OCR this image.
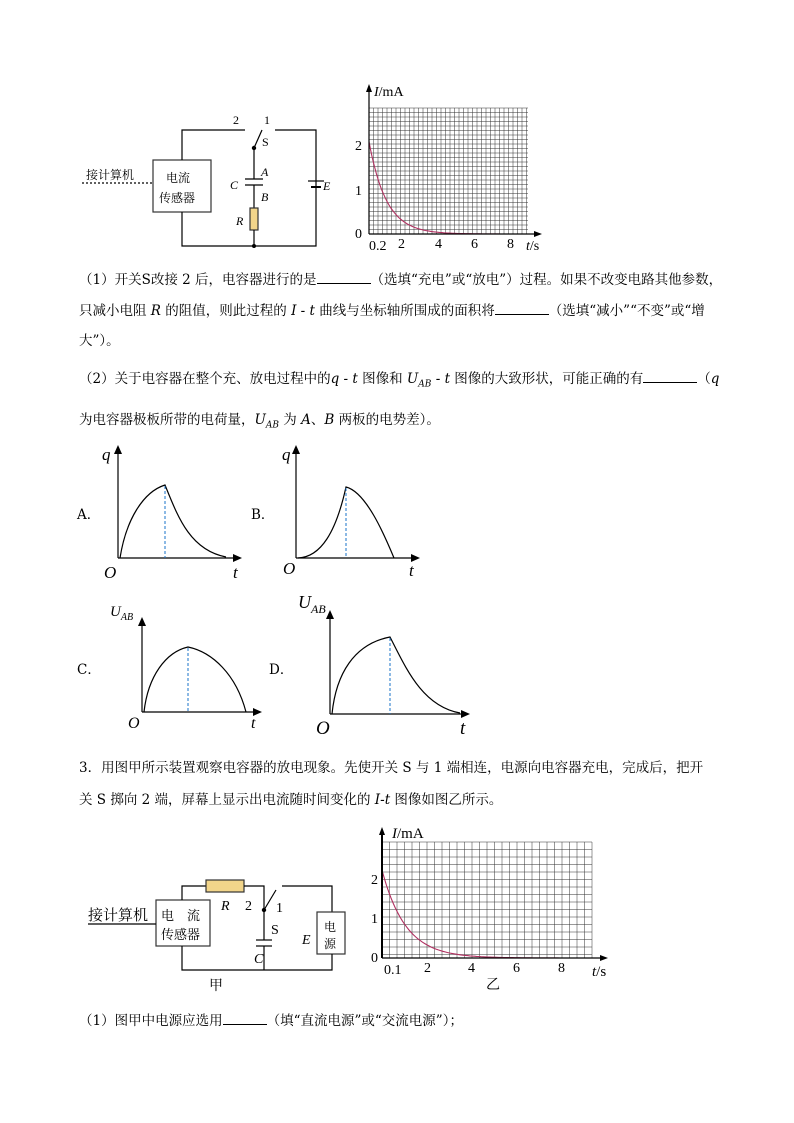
接计算机	电流
传感器
2 1
S
C
A
B
R
E
I/mA
2
1
0
0.2 2 4 6 8 t/s
（1）开关S改接 2 后，电容器进行的是	（选填“充电”或“放电”）过程。如果不改变电路其他参数，
只减小电阻 R 的阻值，则此过程的 I - t 曲线与坐标轴所围成的面积将	（选填“减小”“不变”或“增
大”）。
（2）关于电容器在整个充、放电过程中的q - t 图像和 $U_{AB}$ - t 图像的大致形状，可能正确的有	（q
为电容器极板所带的电荷量，$U_{AB}$ 为 A、B 两板的电势差）。
A．
q
O	t
B．
q
O	t
C．
$U_{AB}$
O	t
D．
$U_{AB}$
O	t
3．用图甲所示装置观察电容器的放电现象。先使开关 S 与 1 端相连，电源向电容器充电，完成后，把开
关 S 掷向 2 端，屏幕上显示出电流随时间变化的 I-t 图像如图乙所示。
接计算机 电　流
传感器
R 2 1
S
C
E
电
源
甲
I/mA
2
1
0
0.1 2	4	6	8 t/s
乙
（1）图甲中电源应选用	（填“直流电源”或“交流电源”）；
